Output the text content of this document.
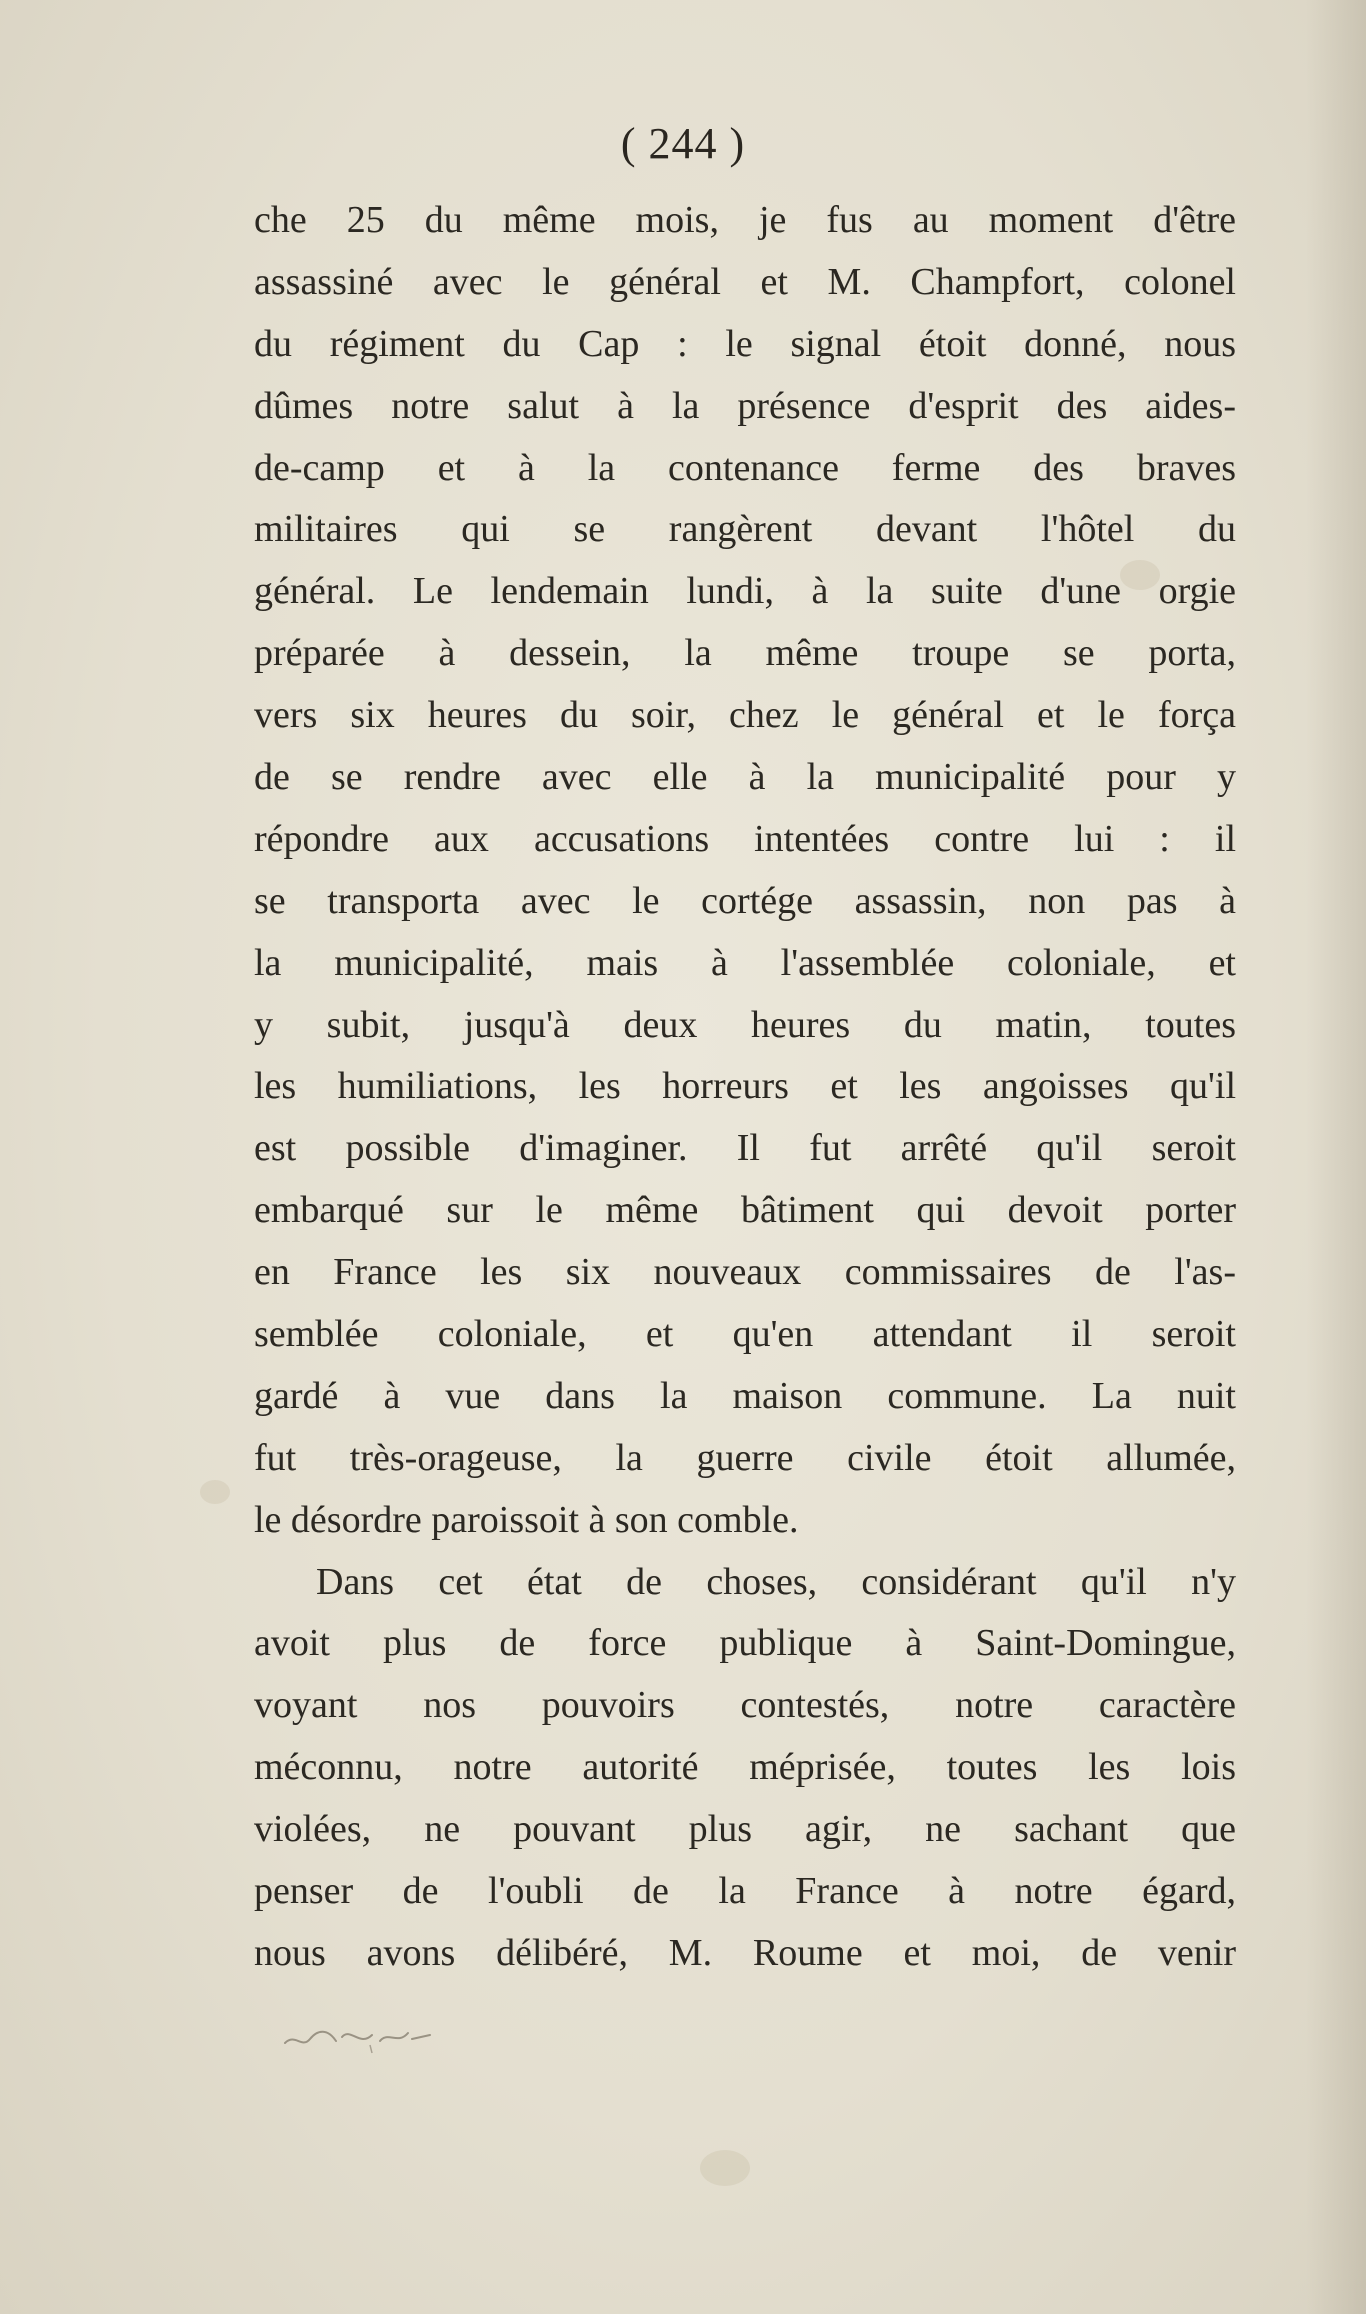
( 244 )
che 25 du même mois, je fus au moment d'être
assassiné avec le général et M. Champfort, colonel
du régiment du Cap : le signal étoit donné, nous
dûmes notre salut à la présence d'esprit des aides-
de-camp et à la contenance ferme des braves
militaires qui se rangèrent devant l'hôtel du
général. Le lendemain lundi, à la suite d'une orgie
préparée à dessein, la même troupe se porta,
vers six heures du soir, chez le général et le força
de se rendre avec elle à la municipalité pour y
répondre aux accusations intentées contre lui : il
se transporta avec le cortége assassin, non pas à
la municipalité, mais à l'assemblée coloniale, et
y subit, jusqu'à deux heures du matin, toutes
les humiliations, les horreurs et les angoisses qu'il
est possible d'imaginer. Il fut arrêté qu'il seroit
embarqué sur le même bâtiment qui devoit porter
en France les six nouveaux commissaires de l'as-
semblée coloniale, et qu'en attendant il seroit
gardé à vue dans la maison commune. La nuit
fut très-orageuse, la guerre civile étoit allumée,
le désordre paroissoit à son comble.
Dans cet état de choses, considérant qu'il n'y
avoit plus de force publique à Saint-Domingue,
voyant nos pouvoirs contestés, notre caractère
méconnu, notre autorité méprisée, toutes les lois
violées, ne pouvant plus agir, ne sachant que
penser de l'oubli de la France à notre égard,
nous avons délibéré, M. Roume et moi, de venir
